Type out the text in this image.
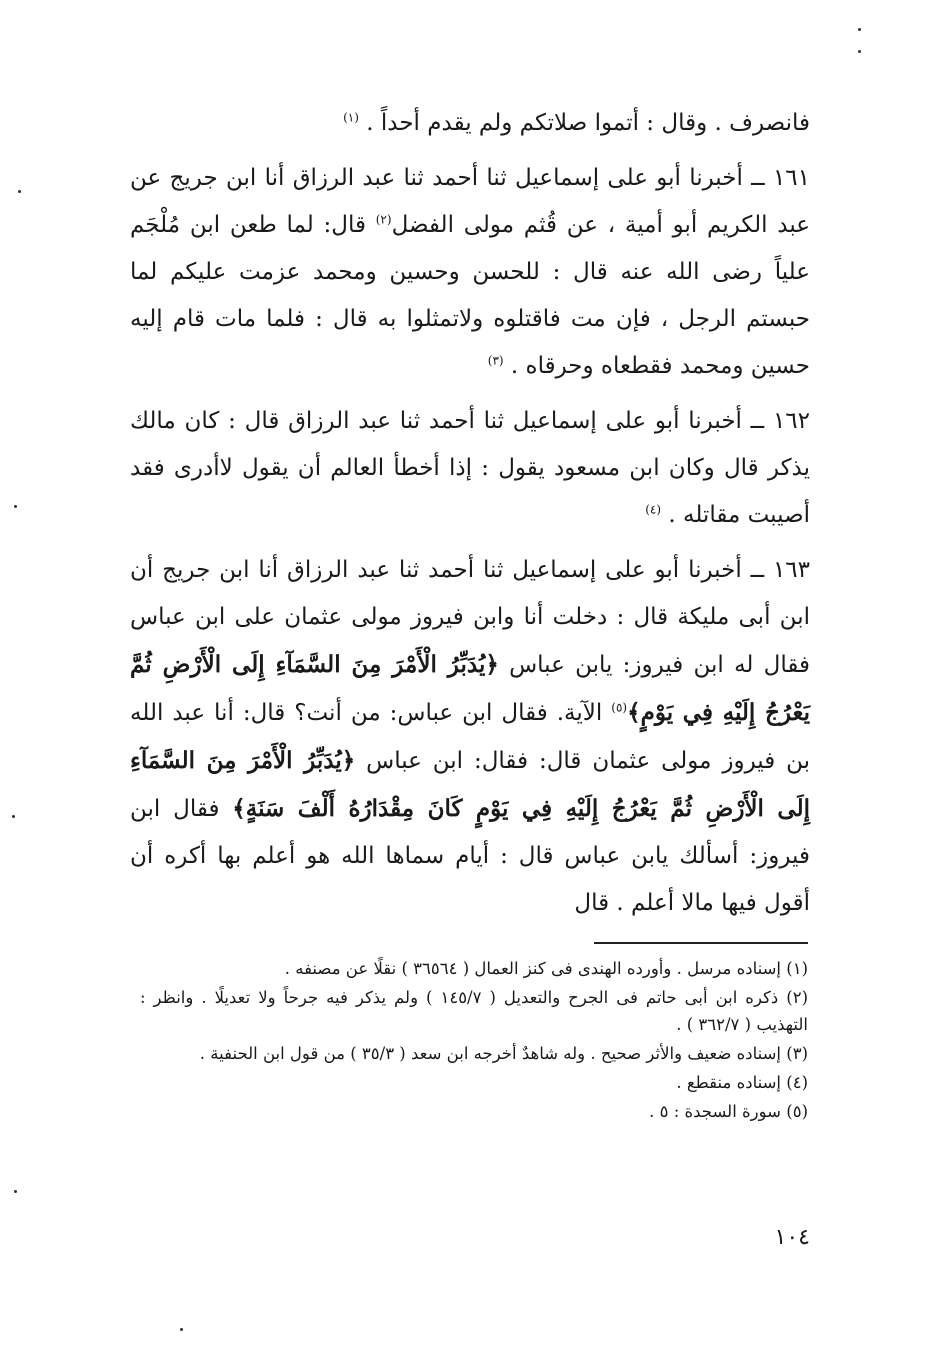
فانصرف . وقال : أتموا صلاتكم ولم يقدم أحداً . $^{(١)}$

١٦١ ــ أخبرنا أبو على إسماعيل ثنا أحمد ثنا عبد الرزاق أنا ابن جريج عن عبد الكريم أبو أمية ، عن قُثم مولى الفضل$^{(٢)}$ قال: لما طعن ابن مُلْجَم علياً رضى الله عنه قال : للحسن وحسين ومحمد عزمت عليكم لما حبستم الرجل ، فإن مت فاقتلوه ولاتمثلوا به قال : فلما مات قام إليه حسين ومحمد فقطعاه وحرقاه . $^{(٣)}$

١٦٢ ــ أخبرنا أبو على إسماعيل ثنا أحمد ثنا عبد الرزاق قال : كان مالك يذكر قال وكان ابن مسعود يقول : إذا أخطأ العالم أن يقول لاأدرى فقد أصيبت مقاتله . $^{(٤)}$

١٦٣ ــ أخبرنا أبو على إسماعيل ثنا أحمد ثنا عبد الرزاق أنا ابن جريج أن ابن أبى مليكة قال : دخلت أنا وابن فيروز مولى عثمان على ابن عباس فقال له ابن فيروز: يابن عباس ﴿يُدَبِّرُ الْأَمْرَ مِنَ السَّمَآءِ إِلَى الْأَرْضِ ثُمَّ يَعْرُجُ إِلَيْهِ فِي يَوْمٍ﴾$^{(٥)}$ الآية. فقال ابن عباس: من أنت؟ قال: أنا عبد الله بن فيروز مولى عثمان قال: فقال: ابن عباس ﴿يُدَبِّرُ الْأَمْرَ مِنَ السَّمَآءِ إِلَى الْأَرْضِ ثُمَّ يَعْرُجُ إِلَيْهِ فِي يَوْمٍ كَانَ مِقْدَارُهُ أَلْفَ سَنَةٍ﴾ فقال ابن فيروز: أسألك يابن عباس قال : أيام سماها الله هو أعلم بها أكره أن أقول فيها مالا أعلم . قال

(١) إسناده مرسل . وأورده الهندى فى كنز العمال ( ٣٦٥٦٤ ) نقلًا عن مصنفه .

(٢) ذكره ابن أبى حاتم فى الجرح والتعديل ( ١٤٥/٧ ) ولم يذكر فيه جرحاً ولا تعديلًا . وانظر : التهذيب ( ٣٦٢/٧ ) .

(٣) إسناده ضعيف والأثر صحيح . وله شاهدٌ أخرجه ابن سعد ( ٣٥/٣ ) من قول ابن الحنفية .

(٤) إسناده منقطع .

(٥) سورة السجدة : ٥ .

١٠٤
